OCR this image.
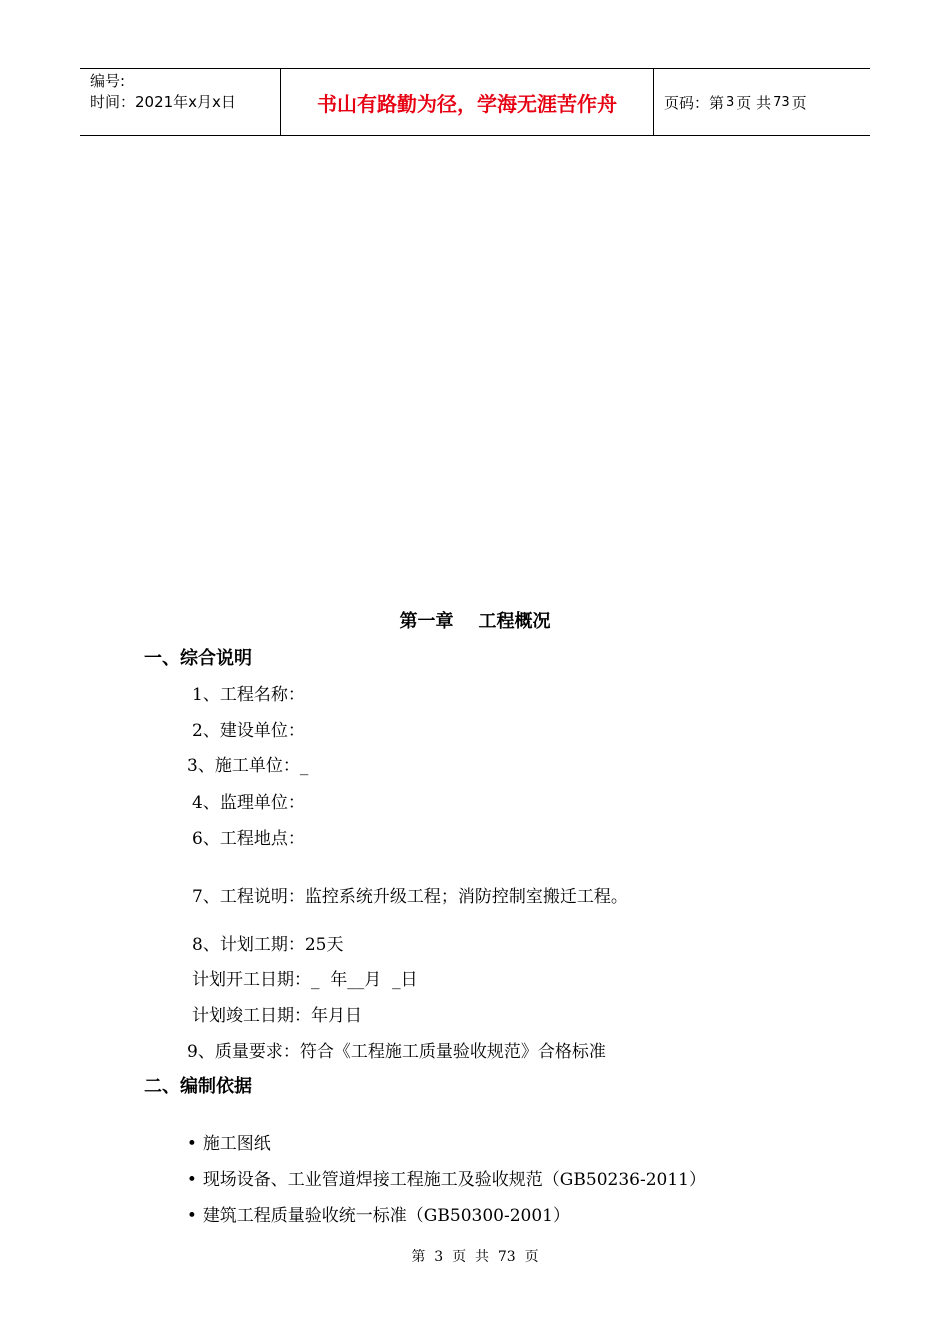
编号:
时间：2021年x月x日	书山有路勤为径，学海无涯苦作舟	页码：第 3 页 共 73 页
第一章    工程概况
一、综合说明
1、工程名称：
2、建设单位：
3、施工单位：_
4、监理单位：
6、工程地点：
7、工程说明：监控系统升级工程；消防控制室搬迁工程。
8、计划工期：25天
计划开工日期：_  年__月  _日
计划竣工日期：年月日
9、质量要求：符合《工程施工质量验收规范》合格标准
二、编制依据

• 施工图纸

• 现场设备、工业管道焊接工程施工及验收规范（GB50236-2011）

• 建筑工程质量验收统一标准（GB50300-2001）

第  3  页  共  73  页
